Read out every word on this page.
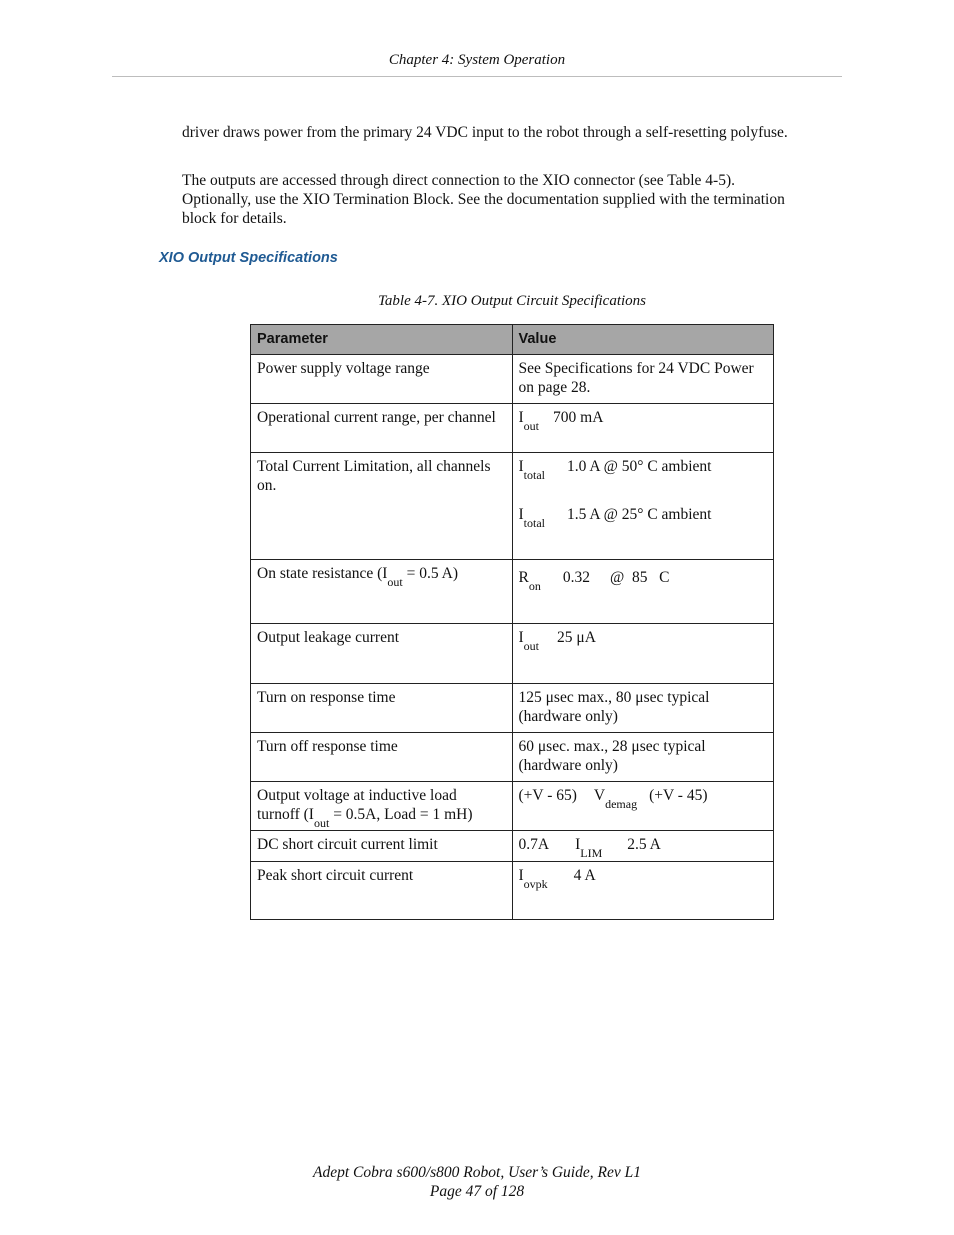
Chapter 4: System Operation
driver draws power from the primary 24 VDC input to the robot through a self-resetting polyfuse.
The outputs are accessed through direct connection to the XIO connector (see Table 4-5). Optionally, use the XIO Termination Block. See the documentation supplied with the termination block for details.
XIO Output Specifications
Table 4-7. XIO Output Circuit Specifications
Parameter	Value
Power supply voltage range	See Specifications for 24 VDC Power on page 28.
Operational current range, per channel	$I_{out}$ 700 mA
Total Current Limitation, all channels on.	$I_{total}$ 1.0 A @ 50° C ambient
$I_{total}$ 1.5 A @ 25° C ambient

On state resistance ($I_{out} = 0.5$ A)	$R_{on}$ 0.32 @  85   C
Output leakage current	$I_{out}$ 25 μA
Turn on response time	125 μsec max., 80 μsec typical (hardware only)
Turn off response time	60 μsec. max., 28 μsec typical (hardware only)

Output voltage at inductive load
turnoff ($I_{out} = 0.5A$, Load = 1 mH)	(+V - 65) $V_{demag}$ (+V - 45)
DC short circuit current limit	0.7A $I_{LIM}$ 2.5 A
Peak short circuit current	$I_{ovpk}$ 4 A
Adept Cobra s600/s800 Robot, User’s Guide, Rev L1
Page 47 of 128
